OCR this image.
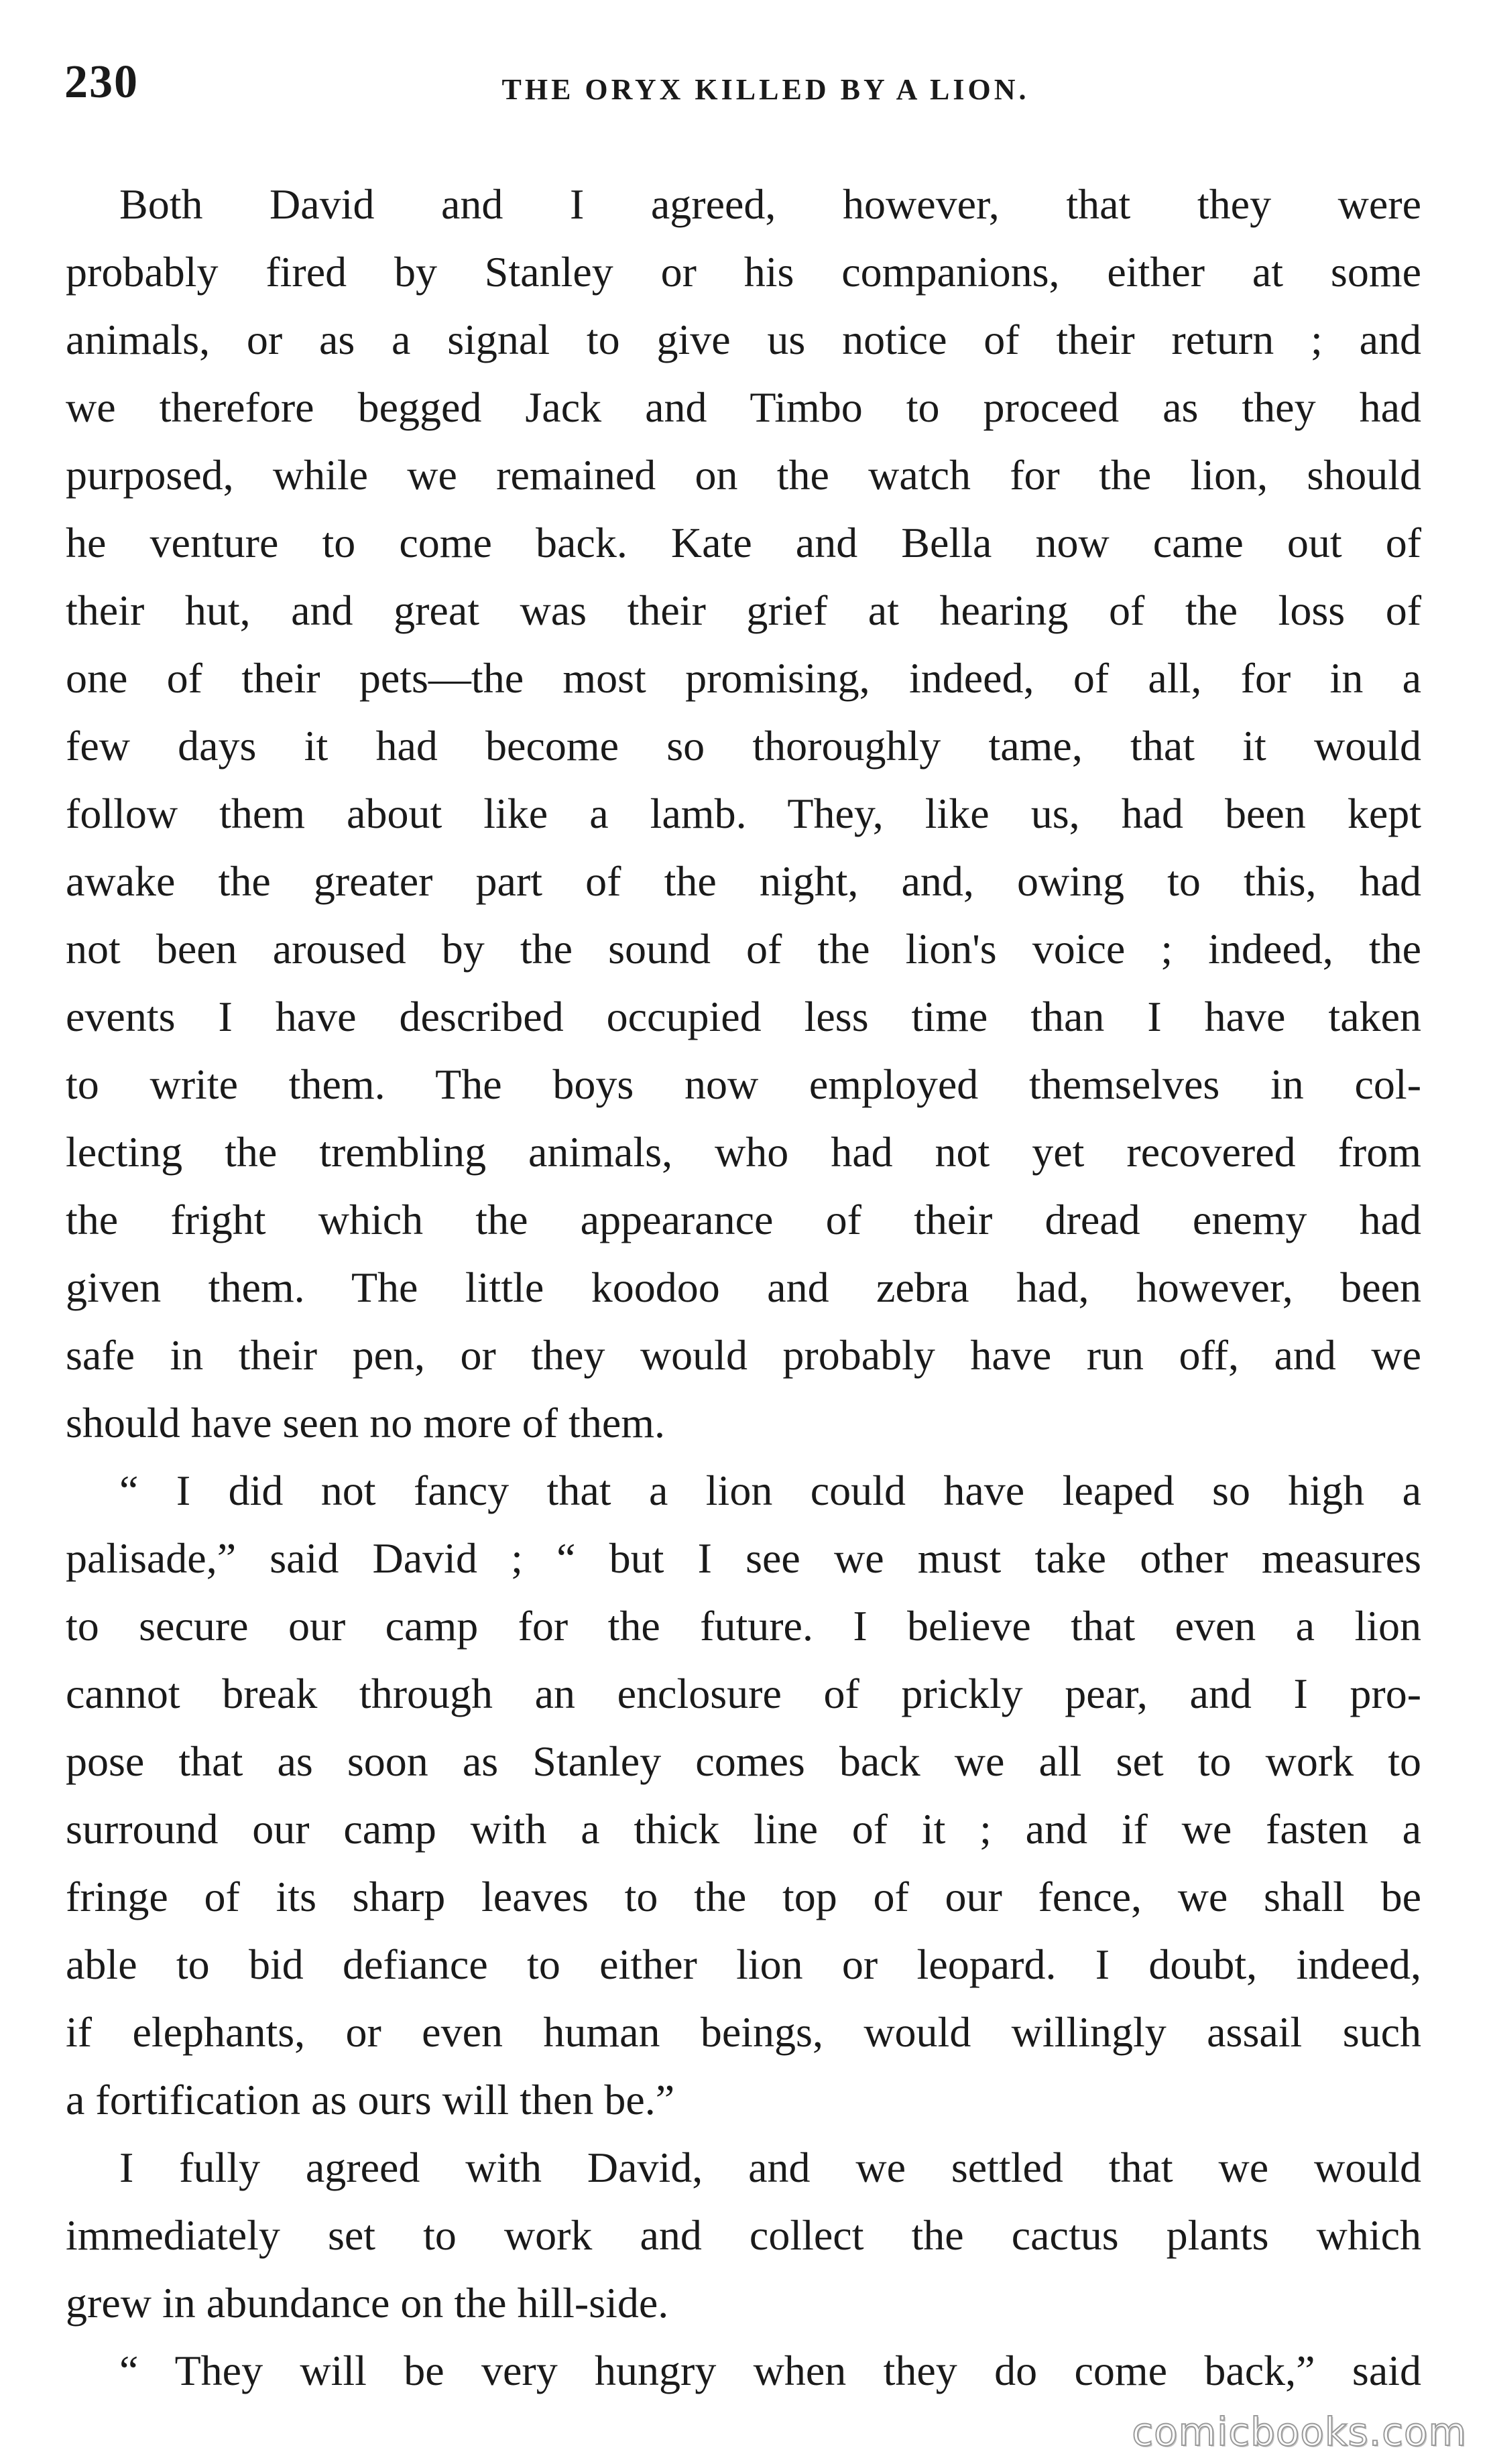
230	THE ORYX KILLED BY A LION.
Both David and I agreed, however, that they were
probably fired by Stanley or his companions, either at some
animals, or as a signal to give us notice of their return ; and
we therefore begged Jack and Timbo to proceed as they had
purposed, while we remained on the watch for the lion, should
he venture to come back. Kate and Bella now came out of
their hut, and great was their grief at hearing of the loss of
one of their pets—the most promising, indeed, of all, for in a
few days it had become so thoroughly tame, that it would
follow them about like a lamb. They, like us, had been kept
awake the greater part of the night, and, owing to this, had
not been aroused by the sound of the lion's voice ; indeed, the
events I have described occupied less time than I have taken
to write them. The boys now employed themselves in col-
lecting the trembling animals, who had not yet recovered from
the fright which the appearance of their dread enemy had
given them. The little koodoo and zebra had, however, been
safe in their pen, or they would probably have run off, and we
should have seen no more of them.
“ I did not fancy that a lion could have leaped so high a
palisade,” said David ; “ but I see we must take other measures
to secure our camp for the future. I believe that even a lion
cannot break through an enclosure of prickly pear, and I pro-
pose that as soon as Stanley comes back we all set to work to
surround our camp with a thick line of it ; and if we fasten a
fringe of its sharp leaves to the top of our fence, we shall be
able to bid defiance to either lion or leopard. I doubt, indeed,
if elephants, or even human beings, would willingly assail such
a fortification as ours will then be.”
I fully agreed with David, and we settled that we would
immediately set to work and collect the cactus plants which
grew in abundance on the hill-side.
“ They will be very hungry when they do come back,” said
comicbooks.com
